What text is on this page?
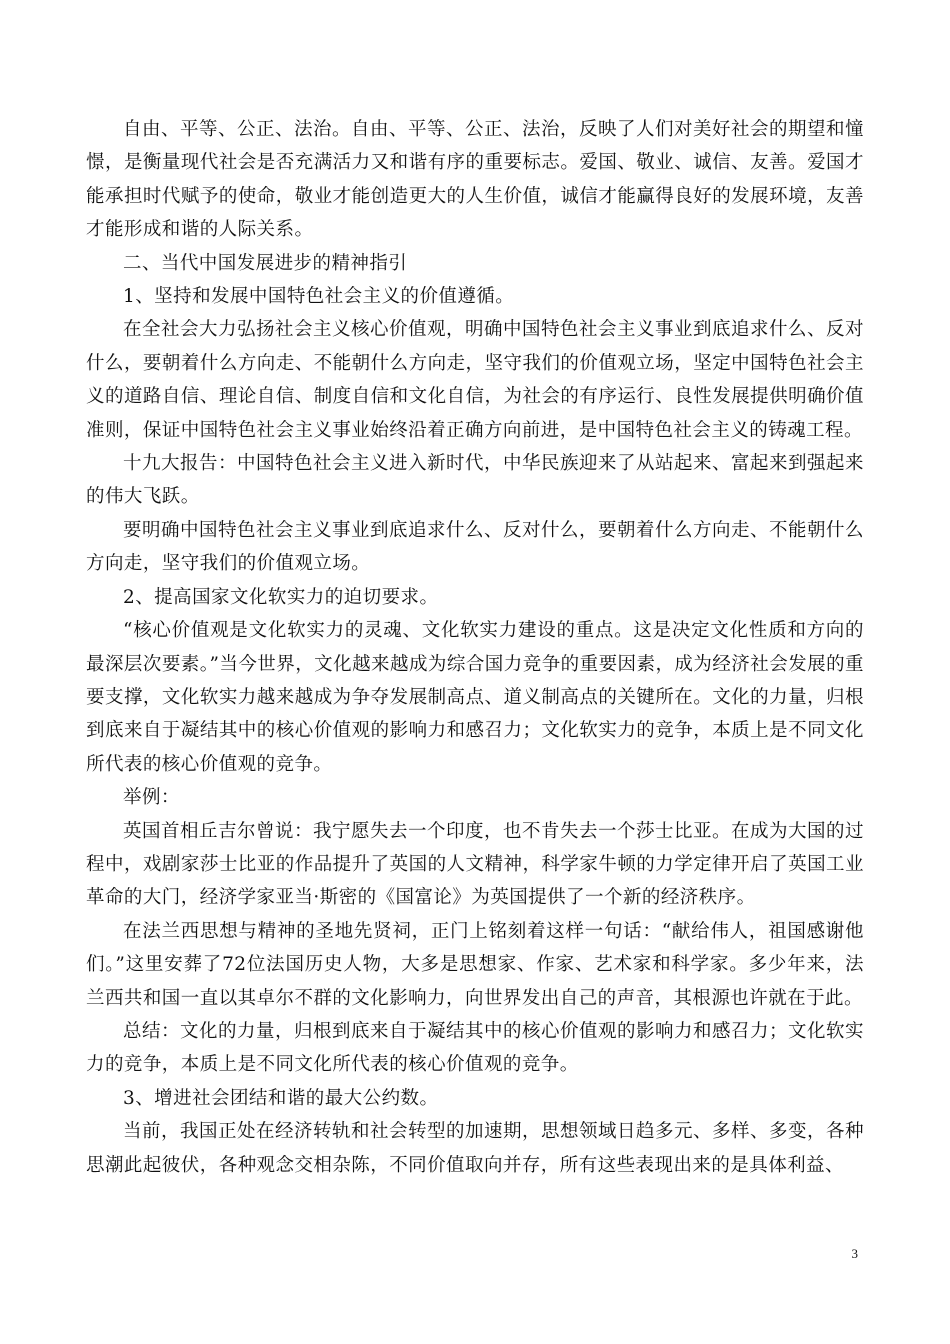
自由、平等、公正、法治。自由、平等、公正、法治，反映了人们对美好社会的期望和憧憬，是衡量现代社会是否充满活力又和谐有序的重要标志。爱国、敬业、诚信、友善。爱国才能承担时代赋予的使命，敬业才能创造更大的人生价值，诚信才能赢得良好的发展环境，友善才能形成和谐的人际关系。

二、当代中国发展进步的精神指引

1、坚持和发展中国特色社会主义的价值遵循。

在全社会大力弘扬社会主义核心价值观，明确中国特色社会主义事业到底追求什么、反对什么，要朝着什么方向走、不能朝什么方向走，坚守我们的价值观立场，坚定中国特色社会主义的道路自信、理论自信、制度自信和文化自信，为社会的有序运行、良性发展提供明确价值准则，保证中国特色社会主义事业始终沿着正确方向前进，是中国特色社会主义的铸魂工程。

十九大报告：中国特色社会主义进入新时代，中华民族迎来了从站起来、富起来到强起来的伟大飞跃。

要明确中国特色社会主义事业到底追求什么、反对什么，要朝着什么方向走、不能朝什么方向走，坚守我们的价值观立场。

2、提高国家文化软实力的迫切要求。

“核心价值观是文化软实力的灵魂、文化软实力建设的重点。这是决定文化性质和方向的最深层次要素。”当今世界，文化越来越成为综合国力竞争的重要因素，成为经济社会发展的重要支撑，文化软实力越来越成为争夺发展制高点、道义制高点的关键所在。文化的力量，归根到底来自于凝结其中的核心价值观的影响力和感召力；文化软实力的竞争，本质上是不同文化所代表的核心价值观的竞争。

举例：

英国首相丘吉尔曾说：我宁愿失去一个印度，也不肯失去一个莎士比亚。在成为大国的过程中，戏剧家莎士比亚的作品提升了英国的人文精神，科学家牛顿的力学定律开启了英国工业革命的大门，经济学家亚当·斯密的《国富论》为英国提供了一个新的经济秩序。

在法兰西思想与精神的圣地先贤祠，正门上铭刻着这样一句话：“献给伟人，祖国感谢他们。”这里安葬了72位法国历史人物，大多是思想家、作家、艺术家和科学家。多少年来，法兰西共和国一直以其卓尔不群的文化影响力，向世界发出自己的声音，其根源也许就在于此。

总结：文化的力量，归根到底来自于凝结其中的核心价值观的影响力和感召力；文化软实力的竞争，本质上是不同文化所代表的核心价值观的竞争。

3、增进社会团结和谐的最大公约数。

当前，我国正处在经济转轨和社会转型的加速期，思想领域日趋多元、多样、多变，各种思潮此起彼伏，各种观念交相杂陈，不同价值取向并存，所有这些表现出来的是具体利益、

3
